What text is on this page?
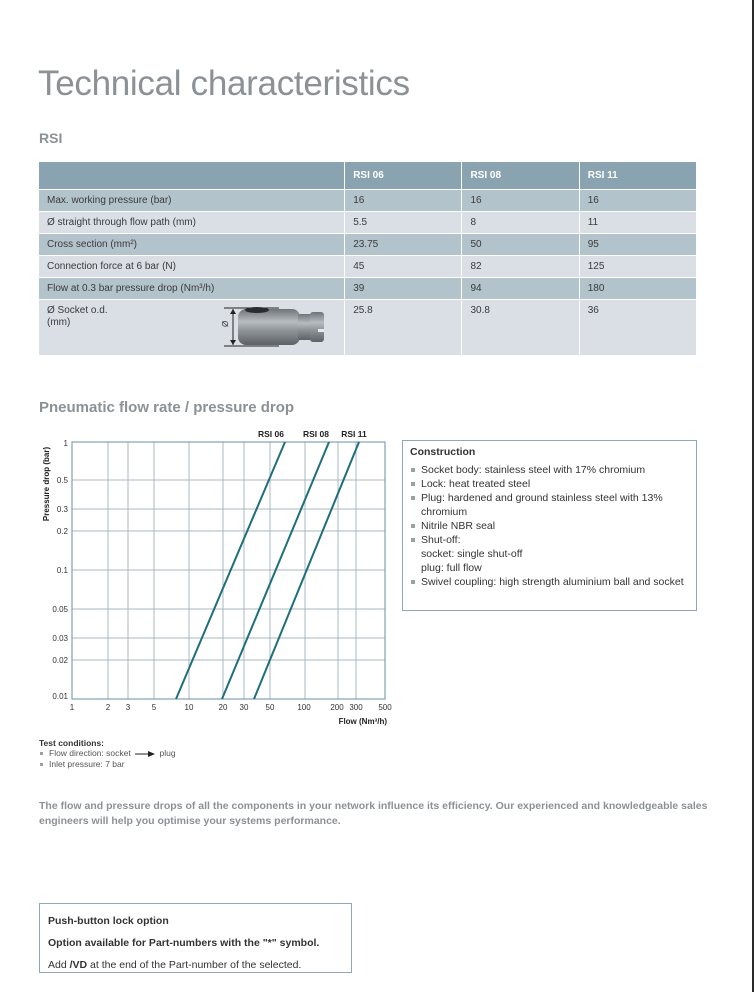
Technical characteristics
RSI
	RSI 06	RSI 08	RSI 11
Max. working pressure (bar)	16	16	16
Ø straight through flow path (mm)	5.5	8	11
Cross section (mm²)	23.75	50	95
Connection force at 6 bar (N)	45	82	125
Flow at 0.3 bar pressure drop (Nm³/h)	39	94	180

Ø Socket o.d.
(mm) Ø	25.8	30.8	36
Pneumatic flow rate / pressure drop
RSI 06 RSI 08 RSI 11
1
0.5
0.3
0.2
0.1
0.05
0.03
0.02
0.01
1	2 3	5	10	20 30 50	100 200 300 500
Flow (Nm³/h)
Pressure drop (bar)	Construction
Socket body: stainless steel with 17% chromium
Lock: heat treated steel
Plug: hardened and ground stainless steel with 13% chromium
Nitrile NBR seal
Shut-off:
socket: single shut-off
plug: full flow
Swivel coupling: high strength aluminium ball and socket
Test conditions:
Flow direction: socket	plug
Inlet pressure: 7 bar

The flow and pressure drops of all the components in your network influence its efficiency. Our experienced and knowledgeable sales engineers will help you optimise your systems performance.

Push-button lock option
Option available for Part-numbers with the "*" symbol.
Add /VD at the end of the Part-number of the selected.
